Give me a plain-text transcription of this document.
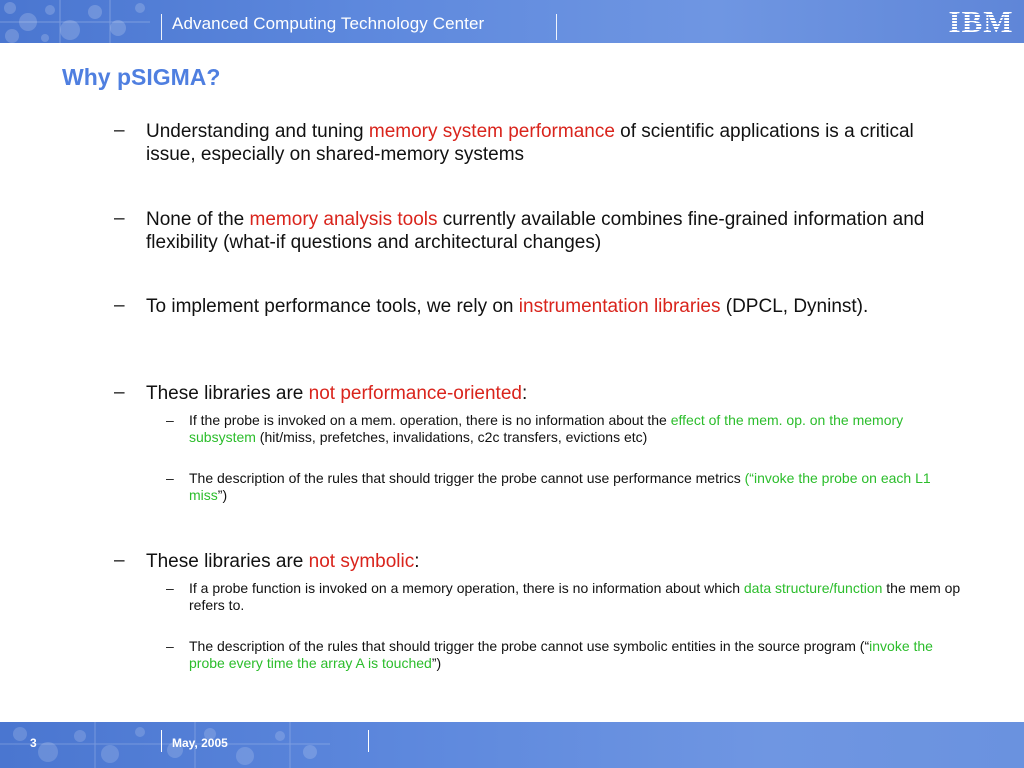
Advanced Computing Technology Center	IBM
Why pSIGMA?
– Understanding and tuning memory system performance of scientific applications is a critical issue, especially on shared-memory systems
– None of the memory analysis tools currently available combines fine-grained information and flexibility (what-if questions and architectural changes)
– To implement performance tools, we rely on instrumentation libraries (DPCL, Dyninst).
– These libraries are not performance-oriented:
– If the probe is invoked on a mem. operation, there is no information about the effect of the mem. op. on the memory subsystem (hit/miss, prefetches, invalidations, c2c transfers, evictions etc)
– The description of the rules that should trigger the probe cannot use performance metrics (“invoke the probe on each L1 miss”)
– These libraries are not symbolic:
– If a probe function is invoked on a memory operation, there is no information about which data structure/function the mem op refers to.
– The description of the rules that should trigger the probe cannot use symbolic entities in the source program (“invoke the probe every time the array A is touched”)
3	May, 2005
